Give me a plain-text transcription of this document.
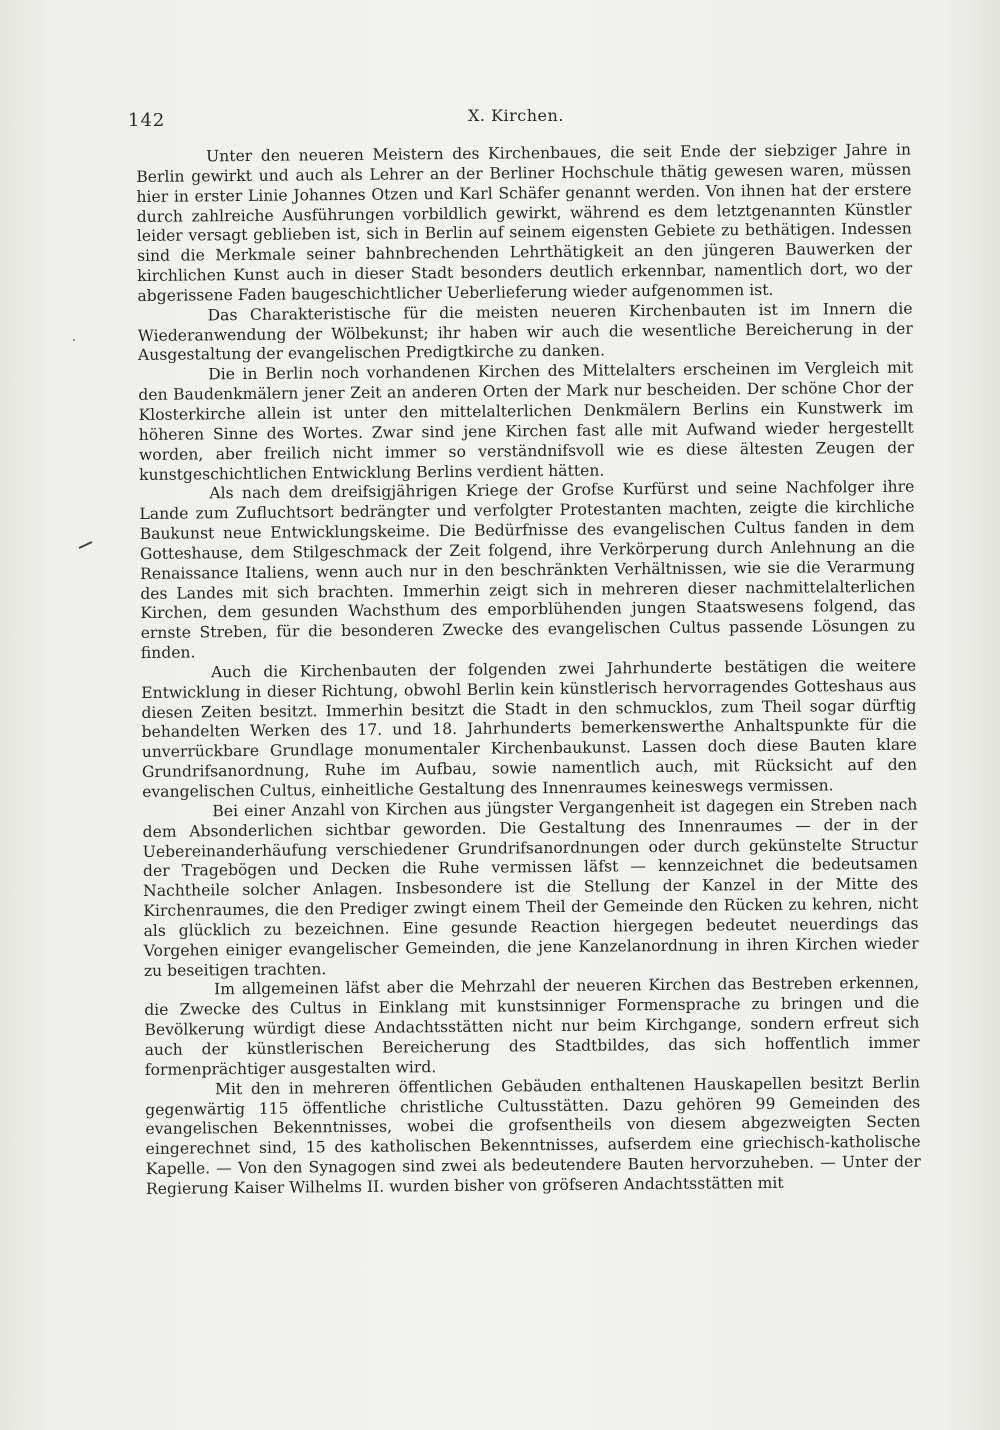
142	X. Kirchen.

Unter den neueren Meistern des Kirchenbaues, die seit Ende der siebziger Jahre in Berlin gewirkt und auch als Lehrer an der Berliner Hochschule thätig gewesen waren, müssen hier in erster Linie Johannes Otzen und Karl Schäfer genannt werden. Von ihnen hat der erstere durch zahlreiche Ausführungen vorbildlich gewirkt, während es dem letztgenannten Künstler leider versagt geblieben ist, sich in Berlin auf seinem eigensten Gebiete zu bethätigen. Indessen sind die Merkmale seiner bahnbrechenden Lehrthätigkeit an den jüngeren Bauwerken der kirchlichen Kunst auch in dieser Stadt besonders deutlich erkennbar, namentlich dort, wo der abgerissene Faden baugeschichtlicher Ueberlieferung wieder aufgenommen ist.

Das Charakteristische für die meisten neueren Kirchenbauten ist im Innern die Wiederanwendung der Wölbekunst; ihr haben wir auch die wesentliche Bereicherung in der Ausgestaltung der evangelischen Predigtkirche zu danken.

Die in Berlin noch vorhandenen Kirchen des Mittelalters erscheinen im Vergleich mit den Baudenkmälern jener Zeit an anderen Orten der Mark nur bescheiden. Der schöne Chor der Klosterkirche allein ist unter den mittelalterlichen Denkmälern Berlins ein Kunstwerk im höheren Sinne des Wortes. Zwar sind jene Kirchen fast alle mit Aufwand wieder hergestellt worden, aber freilich nicht immer so verständnifsvoll wie es diese ältesten Zeugen der kunstgeschichtlichen Entwicklung Berlins verdient hätten.

Als nach dem dreifsigjährigen Kriege der Grofse Kurfürst und seine Nachfolger ihre Lande zum Zufluchtsort bedrängter und verfolgter Protestanten machten, zeigte die kirchliche Baukunst neue Entwicklungskeime. Die Bedürfnisse des evangelischen Cultus fanden in dem Gotteshause, dem Stilgeschmack der Zeit folgend, ihre Verkörperung durch Anlehnung an die Renaissance Italiens, wenn auch nur in den beschränkten Verhältnissen, wie sie die Verarmung des Landes mit sich brachten. Immerhin zeigt sich in mehreren dieser nachmittelalterlichen Kirchen, dem gesunden Wachsthum des emporblühenden jungen Staatswesens folgend, das ernste Streben, für die besonderen Zwecke des evangelischen Cultus passende Lösungen zu finden.

Auch die Kirchenbauten der folgenden zwei Jahrhunderte bestätigen die weitere Entwicklung in dieser Richtung, obwohl Berlin kein künstlerisch hervorragendes Gotteshaus aus diesen Zeiten besitzt. Immerhin besitzt die Stadt in den schmucklos, zum Theil sogar dürftig behandelten Werken des 17. und 18. Jahrhunderts bemerkenswerthe Anhaltspunkte für die unverrückbare Grundlage monumentaler Kirchenbaukunst. Lassen doch diese Bauten klare Grundrifsanordnung, Ruhe im Aufbau, sowie namentlich auch, mit Rücksicht auf den evangelischen Cultus, einheitliche Gestaltung des Innenraumes keineswegs vermissen.

Bei einer Anzahl von Kirchen aus jüngster Vergangenheit ist dagegen ein Streben nach dem Absonderlichen sichtbar geworden. Die Gestaltung des Innenraumes — der in der Uebereinanderhäufung verschiedener Grundrifsanordnungen oder durch gekünstelte Structur der Tragebögen und Decken die Ruhe vermissen läfst — kennzeichnet die bedeutsamen Nachtheile solcher Anlagen. Insbesondere ist die Stellung der Kanzel in der Mitte des Kirchenraumes, die den Prediger zwingt einem Theil der Gemeinde den Rücken zu kehren, nicht als glücklich zu bezeichnen. Eine gesunde Reaction hiergegen bedeutet neuerdings das Vorgehen einiger evangelischer Gemeinden, die jene Kanzelanordnung in ihren Kirchen wieder zu beseitigen trachten.

Im allgemeinen läfst aber die Mehrzahl der neueren Kirchen das Bestreben erkennen, die Zwecke des Cultus in Einklang mit kunstsinniger Formensprache zu bringen und die Bevölkerung würdigt diese Andachtsstätten nicht nur beim Kirchgange, sondern erfreut sich auch der künstlerischen Bereicherung des Stadtbildes, das sich hoffentlich immer formenprächtiger ausgestalten wird.

Mit den in mehreren öffentlichen Gebäuden enthaltenen Hauskapellen besitzt Berlin gegenwärtig 115 öffentliche christliche Cultusstätten. Dazu gehören 99 Gemeinden des evangelischen Bekenntnisses, wobei die grofsentheils von diesem abgezweigten Secten eingerechnet sind, 15 des katholischen Bekenntnisses, aufserdem eine griechisch-katholische Kapelle. — Von den Synagogen sind zwei als bedeutendere Bauten hervorzuheben. — Unter der Regierung Kaiser Wilhelms II. wurden bisher von gröfseren Andachtsstätten mit
